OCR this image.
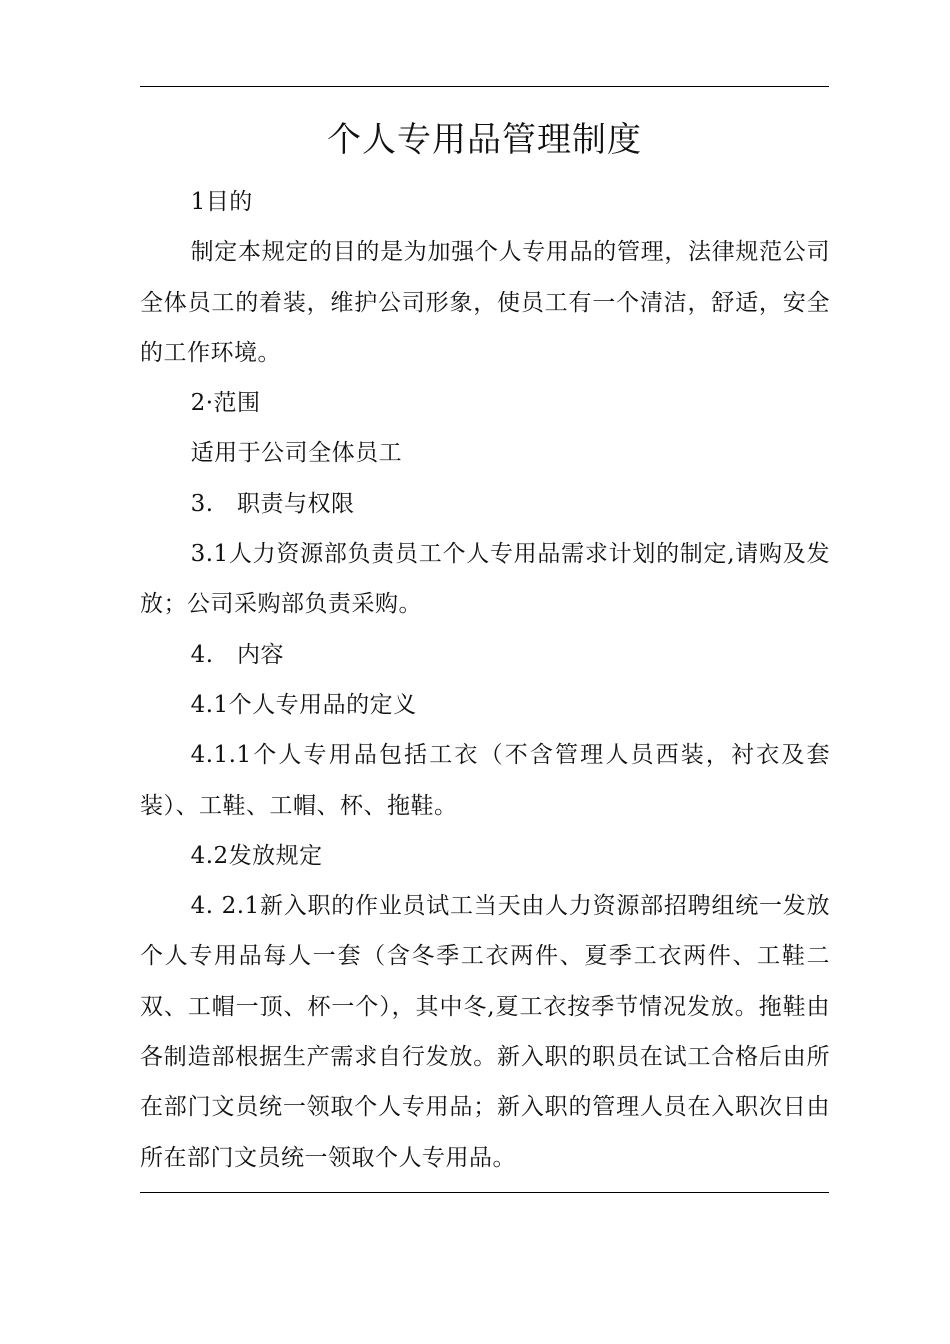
个人专用品管理制度

1目的

制定本规定的目的是为加强个人专用品的管理，法律规范公司全体员工的着装，维护公司形象，使员工有一个清洁，舒适，安全的工作环境。

2·范围

适用于公司全体员工

3.　职责与权限

3.1人力资源部负责员工个人专用品需求计划的制定,请购及发放；公司采购部负责采购。

4.　内容

4.1个人专用品的定义

4.1.1个人专用品包括工衣（不含管理人员西装，衬衣及套装）、工鞋、工帽、杯、拖鞋。

4.2发放规定

4. 2.1新入职的作业员试工当天由人力资源部招聘组统一发放个人专用品每人一套（含冬季工衣两件、夏季工衣两件、工鞋二双、工帽一顶、杯一个），其中冬,夏工衣按季节情况发放。拖鞋由各制造部根据生产需求自行发放。新入职的职员在试工合格后由所在部门文员统一领取个人专用品；新入职的管理人员在入职次日由所在部门文员统一领取个人专用品。
